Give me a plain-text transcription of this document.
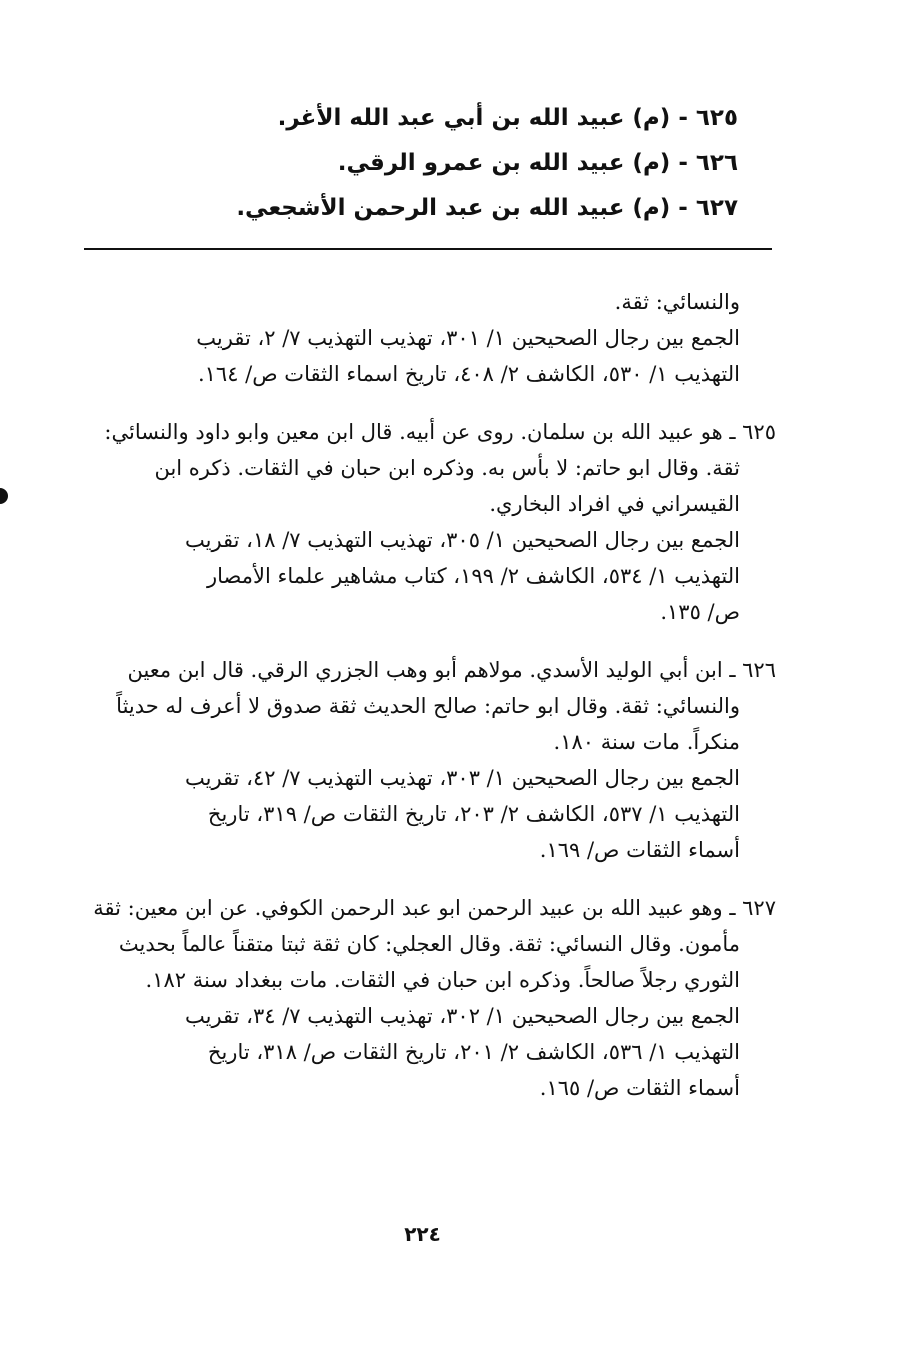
٦٢٥ - (م) عبيد الله بن أبي عبد الله الأغر.
٦٢٦ - (م) عبيد الله بن عمرو الرقي.
٦٢٧ - (م) عبيد الله بن عبد الرحمن الأشجعي.
والنسائي: ثقة.
الجمع بين رجال الصحيحين ١/ ٣٠١، تهذيب التهذيب ٧/ ٢، تقريب
التهذيب ١/ ٥٣٠، الكاشف ٢/ ٤٠٨، تاريخ اسماء الثقات ص/ ١٦٤.
٦٢٥ ـ هو عبيد الله بن سلمان. روى عن أبيه. قال ابن معين وابو داود والنسائي:
ثقة. وقال ابو حاتم: لا بأس به. وذكره ابن حبان في الثقات. ذكره ابن
القيسراني في افراد البخاري.
الجمع بين رجال الصحيحين ١/ ٣٠٥، تهذيب التهذيب ٧/ ١٨، تقريب
التهذيب ١/ ٥٣٤، الكاشف ٢/ ١٩٩، كتاب مشاهير علماء الأمصار
ص/ ١٣٥.
٦٢٦ ـ ابن أبي الوليد الأسدي. مولاهم أبو وهب الجزري الرقي. قال ابن معين
والنسائي: ثقة. وقال ابو حاتم: صالح الحديث ثقة صدوق لا أعرف له حديثاً
منكراً. مات سنة ١٨٠.
الجمع بين رجال الصحيحين ١/ ٣٠٣، تهذيب التهذيب ٧/ ٤٢، تقريب
التهذيب ١/ ٥٣٧، الكاشف ٢/ ٢٠٣، تاريخ الثقات ص/ ٣١٩، تاريخ
أسماء الثقات ص/ ١٦٩.
٦٢٧ ـ وهو عبيد الله بن عبيد الرحمن ابو عبد الرحمن الكوفي. عن ابن معين: ثقة
مأمون. وقال النسائي: ثقة. وقال العجلي: كان ثقة ثبتا متقناً عالماً بحديث
الثوري رجلاً صالحاً. وذكره ابن حبان في الثقات. مات ببغداد سنة ١٨٢.
الجمع بين رجال الصحيحين ١/ ٣٠٢، تهذيب التهذيب ٧/ ٣٤، تقريب
التهذيب ١/ ٥٣٦، الكاشف ٢/ ٢٠١، تاريخ الثقات ص/ ٣١٨، تاريخ
أسماء الثقات ص/ ١٦٥.
٢٢٤
